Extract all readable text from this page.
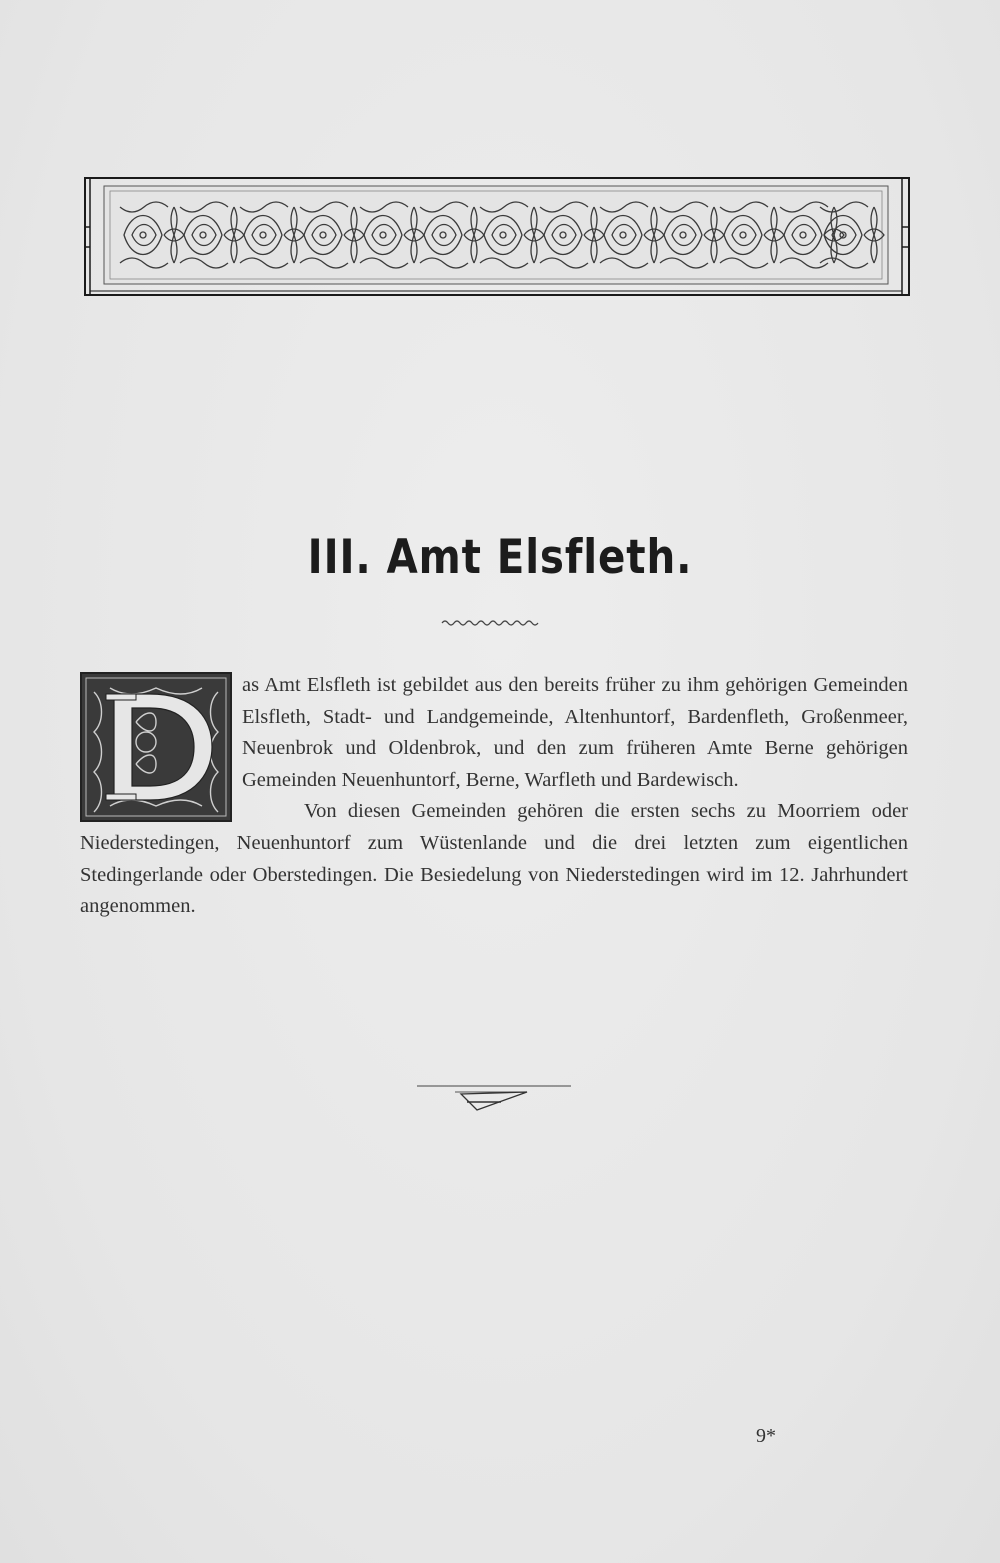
III. Amt Elsfleth.
D

as Amt Elsfleth ist gebildet aus den bereits früher zu ihm gehörigen Gemeinden Elsfleth, Stadt- und Landgemeinde, Altenhuntorf, Bardenfleth, Großenmeer, Neuenbrok und Oldenbrok, und den zum früheren Amte Berne gehörigen Gemeinden Neuenhuntorf, Berne, Warfleth und Bardewisch.

Von diesen Gemeinden gehören die ersten sechs zu Moorriem oder Niederstedingen, Neuenhuntorf zum Wüstenlande und die drei letzten zum eigentlichen Stedingerlande oder Oberstedingen. Die Besiedelung von Niederstedingen wird im 12. Jahrhundert angenommen.

9*
